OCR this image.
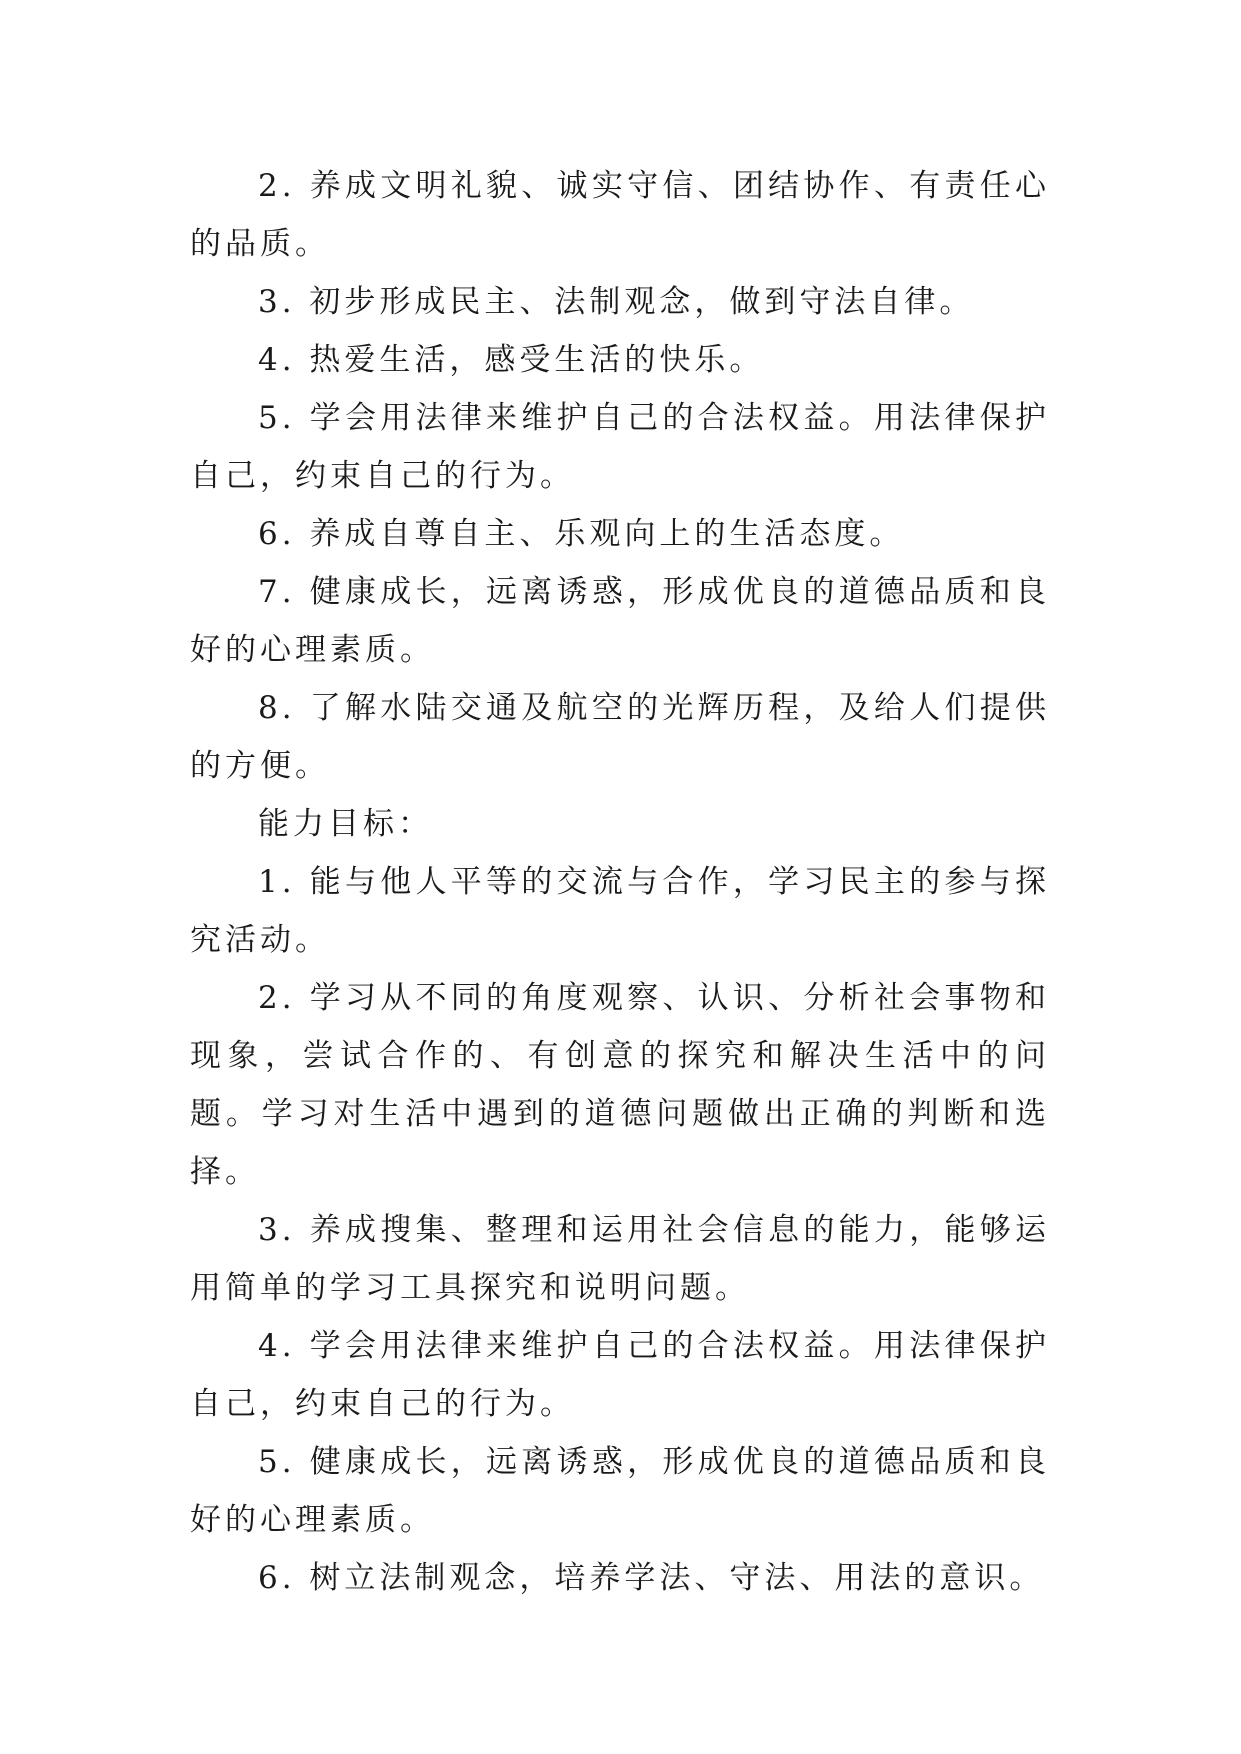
2. 养成文明礼貌、诚实守信、团结协作、有责任心的品质。

3. 初步形成民主、法制观念，做到守法自律。

4. 热爱生活，感受生活的快乐。

5. 学会用法律来维护自己的合法权益。用法律保护自己，约束自己的行为。

6. 养成自尊自主、乐观向上的生活态度。

7. 健康成长，远离诱惑，形成优良的道德品质和良好的心理素质。

8. 了解水陆交通及航空的光辉历程，及给人们提供的方便。

能力目标：

1. 能与他人平等的交流与合作，学习民主的参与探究活动。

2. 学习从不同的角度观察、认识、分析社会事物和现象，尝试合作的、有创意的探究和解决生活中的问题。学习对生活中遇到的道德问题做出正确的判断和选择。

3. 养成搜集、整理和运用社会信息的能力，能够运用简单的学习工具探究和说明问题。

4. 学会用法律来维护自己的合法权益。用法律保护自己，约束自己的行为。

5. 健康成长，远离诱惑，形成优良的道德品质和良好的心理素质。

6. 树立法制观念，培养学法、守法、用法的意识。
